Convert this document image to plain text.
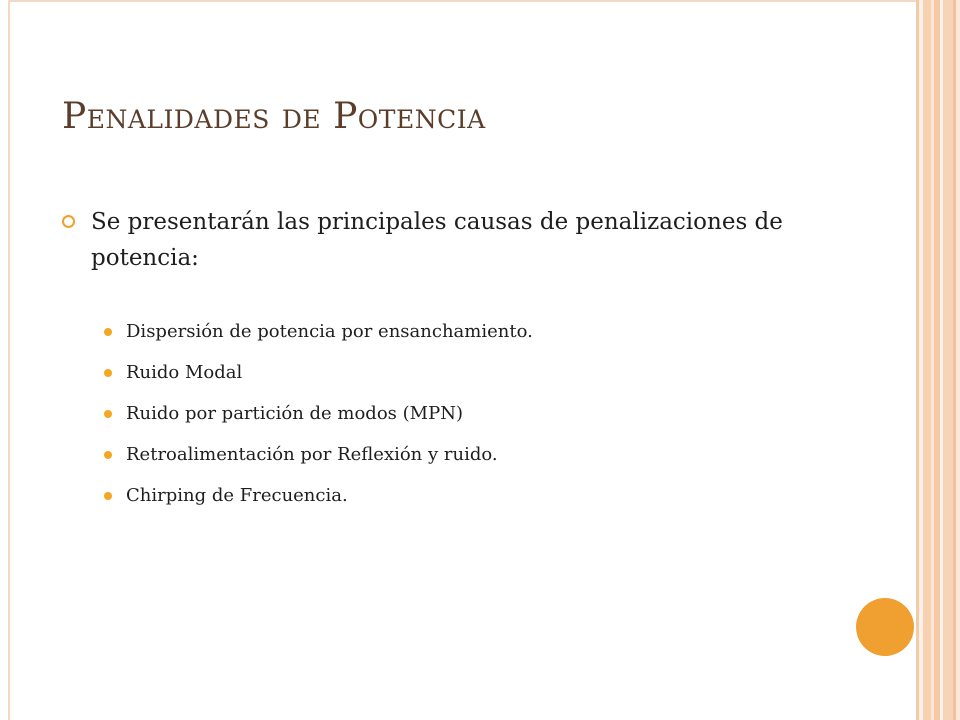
Penalidades de Potencia
Se presentarán las principales causas de penalizaciones de potencia:
Dispersión de potencia por ensanchamiento.
Ruido Modal
Ruido por partición de modos (MPN)
Retroalimentación por Reflexión y ruido.
Chirping de Frecuencia.
